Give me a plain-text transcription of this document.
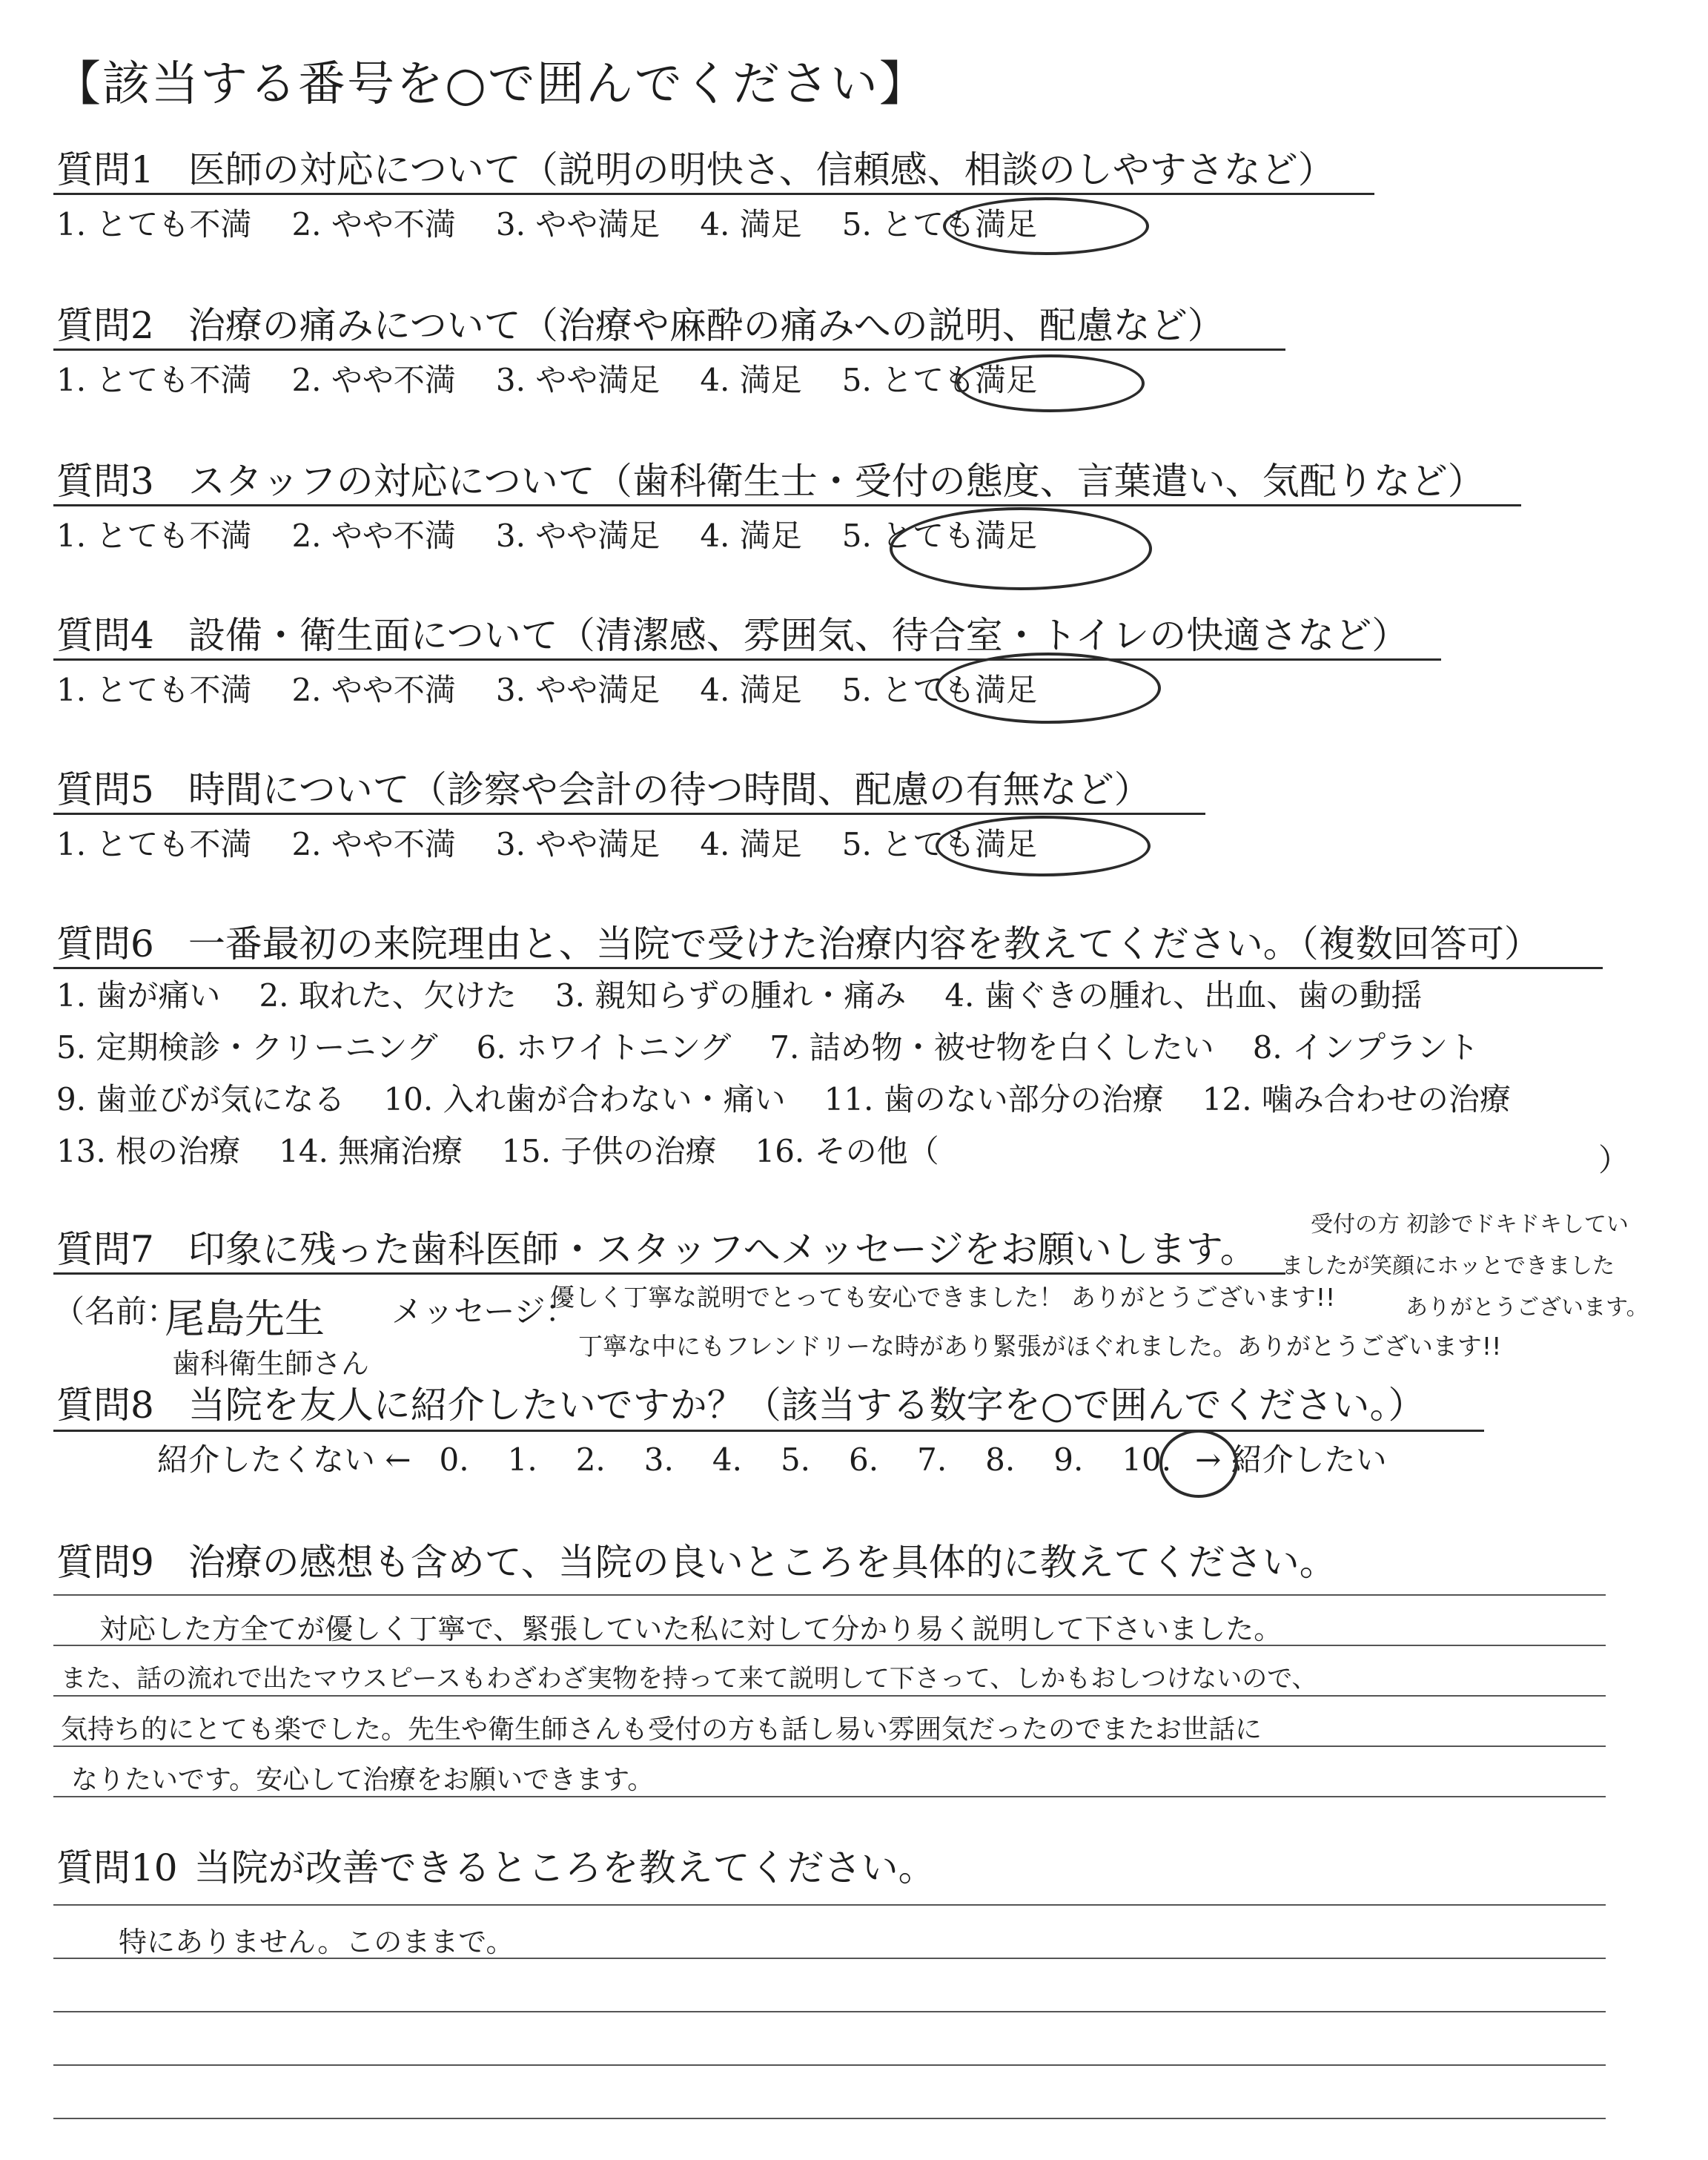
【該当する番号を○で囲んでください】
質問1 医師の対応について（説明の明快さ、信頼感、相談のしやすさなど）
1. とても不満 2. やや不満 3. やや満足 4. 満足 5. とても満足
質問2 治療の痛みについて（治療や麻酔の痛みへの説明、配慮など）
1. とても不満 2. やや不満 3. やや満足 4. 満足 5. とても満足
質問3 スタッフの対応について（歯科衛生士・受付の態度、言葉遣い、気配りなど）
1. とても不満 2. やや不満 3. やや満足 4. 満足 5. とても満足
質問4 設備・衛生面について（清潔感、雰囲気、待合室・トイレの快適さなど）
1. とても不満 2. やや不満 3. やや満足 4. 満足 5. とても満足
質問5 時間について（診察や会計の待つ時間、配慮の有無など）
1. とても不満 2. やや不満 3. やや満足 4. 満足 5. とても満足
質問6 一番最初の来院理由と、当院で受けた治療内容を教えてください。（複数回答可）
1. 歯が痛い 2. 取れた、欠けた 3. 親知らずの腫れ・痛み 4. 歯ぐきの腫れ、出血、歯の動揺
5. 定期検診・クリーニング 6. ホワイトニング 7. 詰め物・被せ物を白くしたい 8. インプラント
9. 歯並びが気になる 10. 入れ歯が合わない・痛い 11. 歯のない部分の治療 12. 噛み合わせの治療
13. 根の治療 14. 無痛治療 15. 子供の治療 16. その他（	）
質問7 印象に残った歯科医師・スタッフへメッセージをお願いします。
（名前：	メッセージ：
尾島先生
歯科衛生師さん
優しく丁寧な説明でとっても安心できました！ ありがとうございます!!
丁寧な中にもフレンドリーな時があり緊張がほぐれました。ありがとうございます!!
受付の方 初診でドキドキしてい
ましたが笑顔にホッとできました
ありがとうございます。
質問8 当院を友人に紹介したいですか？（該当する数字を○で囲んでください。）
紹介したくない ← 0. 1. 2. 3. 4. 5. 6. 7. 8. 9. 10. → 紹介したい
質問9 治療の感想も含めて、当院の良いところを具体的に教えてください。
対応した方全てが優しく丁寧で、緊張していた私に対して分かり易く説明して下さいました。
また、話の流れで出たマウスピースもわざわざ実物を持って来て説明して下さって、しかもおしつけないので、
気持ち的にとても楽でした。先生や衛生師さんも受付の方も話し易い雰囲気だったのでまたお世話に
なりたいです。安心して治療をお願いできます。
質問10 当院が改善できるところを教えてください。
特にありません。このままで。
